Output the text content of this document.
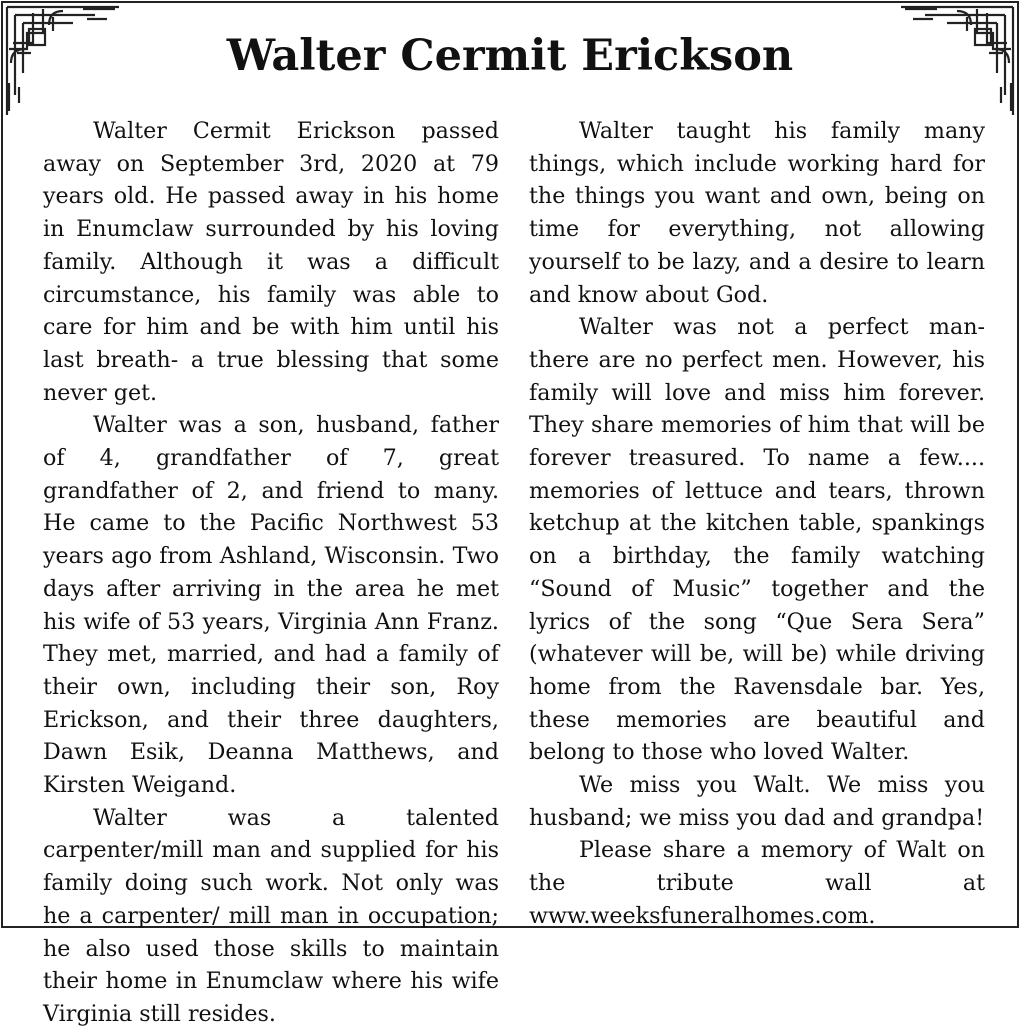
Walter Cermit Erickson

Walter Cermit Erickson passed away on September 3rd, 2020 at 79 years old. He passed away in his home in Enumclaw surrounded by his loving family. Although it was a difficult circumstance, his family was able to care for him and be with him until his last breath- a true blessing that some never get.

Walter was a son, husband, father of 4, grandfather of 7, great grandfather of 2, and friend to many. He came to the Pacific Northwest 53 years ago from Ashland, Wisconsin. Two days after arriving in the area he met his wife of 53 years, Virginia Ann Franz. They met, married, and had a family of their own, including their son, Roy Erickson, and their three daughters, Dawn Esik, Deanna Matthews, and Kirsten Weigand.

Walter was a talented carpenter/mill man and supplied for his family doing such work. Not only was he a carpenter/ mill man in occupation; he also used those skills to maintain their home in Enumclaw where his wife Virginia still resides.

Walter taught his family many things, which include working hard for the things you want and own, being on time for everything, not allowing yourself to be lazy, and a desire to learn and know about God.

Walter was not a perfect man- there are no perfect men. However, his family will love and miss him forever. They share memories of him that will be forever treasured. To name a few.... memories of lettuce and tears, thrown ketchup at the kitchen table, spankings on a birthday, the family watching “Sound of Music” together and the lyrics of the song “Que Sera Sera” (whatever will be, will be) while driving home from the Ravensdale bar. Yes, these memories are beautiful and belong to those who loved Walter.

We miss you Walt. We miss you husband; we miss you dad and grandpa!

Please share a memory of Walt on the tribute wall at www.weeksfuneralhomes.com.
